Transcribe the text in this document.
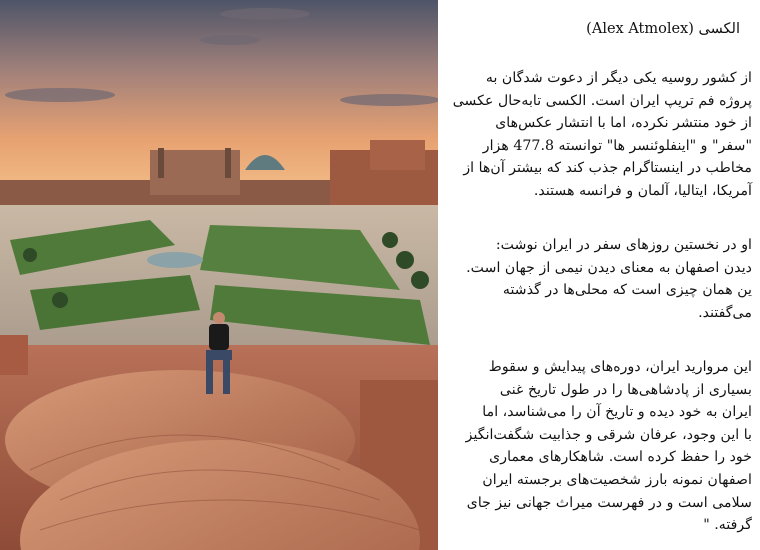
الکسی (Alex Atmolex)

از کشور روسیه یکی دیگر از دعوت شدگان به
پروژه فم تریپ ایران است. الکسی تابه‌حال عکسی
از خود منتشر نکرده، اما با انتشار عکس‌های
"سفر" و "اینفلوئنسر ها" توانسته 477.8 هزار
مخاطب در اینستاگرام جذب کند که بیشتر آن‌ها از
آمریکا، ایتالیا، آلمان و فرانسه هستند.

او در نخستین روزهای سفر در ایران نوشت:
دیدن اصفهان به معنای دیدن نیمی از جهان است.
ین همان چیزی است که محلی‌ها در گذشته
می‌گفتند.

این مروارید ایران، دوره‌های پیدایش و سقوط
بسیاری از پادشاهی‌ها را در طول تاریخ غنی
ایران به خود دیده و تاریخ آن را می‌شناسد، اما
با این وجود، عرفان شرقی و جذابیت شگفت‌انگیز
خود را حفظ کرده است. شاهکارهای معماری
اصفهان نمونه بارز شخصیت‌های برجسته ایران
سلامی است و در فهرست میراث جهانی نیز جای
گرفته. "
